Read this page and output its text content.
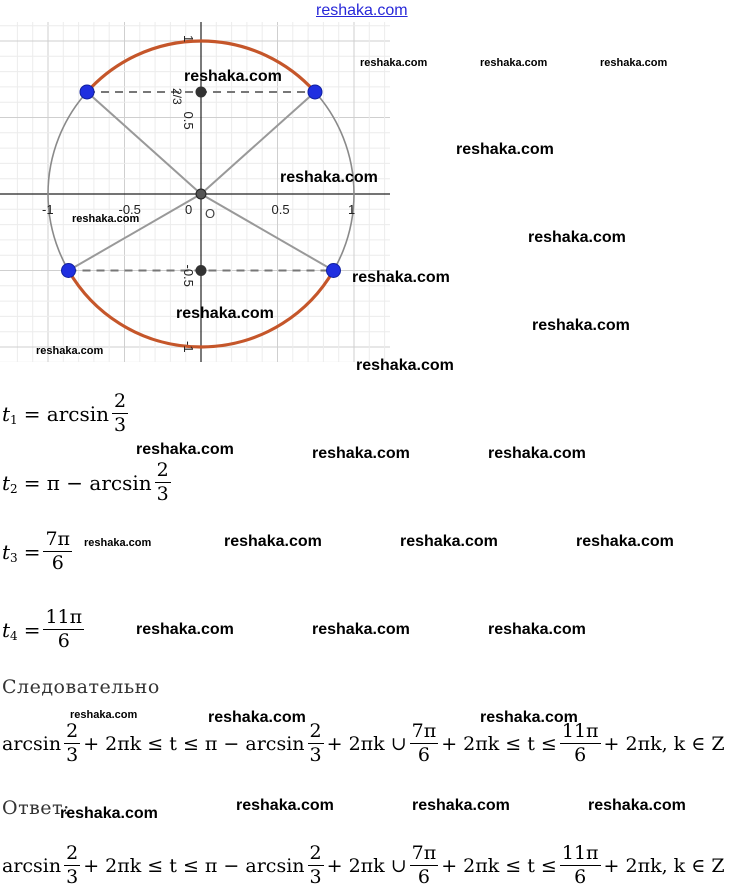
reshaka.com
-1	-0.5	0	0.5	1
1
0.5
-0.5
-1
2/3
O
reshaka.com
reshaka.com	reshaka.com	reshaka.com
reshaka.com
reshaka.com
reshaka.com
reshaka.com
reshaka.com
reshaka.com
reshaka.com
reshaka.com
reshaka.com
reshaka.com	reshaka.com	reshaka.com
reshaka.com	reshaka.com	reshaka.com	reshaka.com
reshaka.com	reshaka.com	reshaka.com
reshaka.com	reshaka.com	reshaka.com
reshaka.com	reshaka.com	reshaka.com	reshaka.com
t $1 = \arcsin \frac{2}{3}$
t $2 = \pi - \arcsin \frac{2}{3}$
t $3 = \frac{7\pi}{6}$
t $4 = \frac{11\pi}{6}$
Следовательно
$\arcsin \frac{2}{3} + 2\pi k \le t \le \pi - \arcsin \frac{2}{3} + 2\pi k$ ∪ $\frac{7\pi}{6} + 2\pi k \le t \le \frac{11\pi}{6} + 2\pi k$, k ∈ Z
Ответ:
$\arcsin \frac{2}{3} + 2\pi k \le t \le \pi - \arcsin \frac{2}{3} + 2\pi k$ ∪ $\frac{7\pi}{6} + 2\pi k \le t \le \frac{11\pi}{6} + 2\pi k$, k ∈ Z
